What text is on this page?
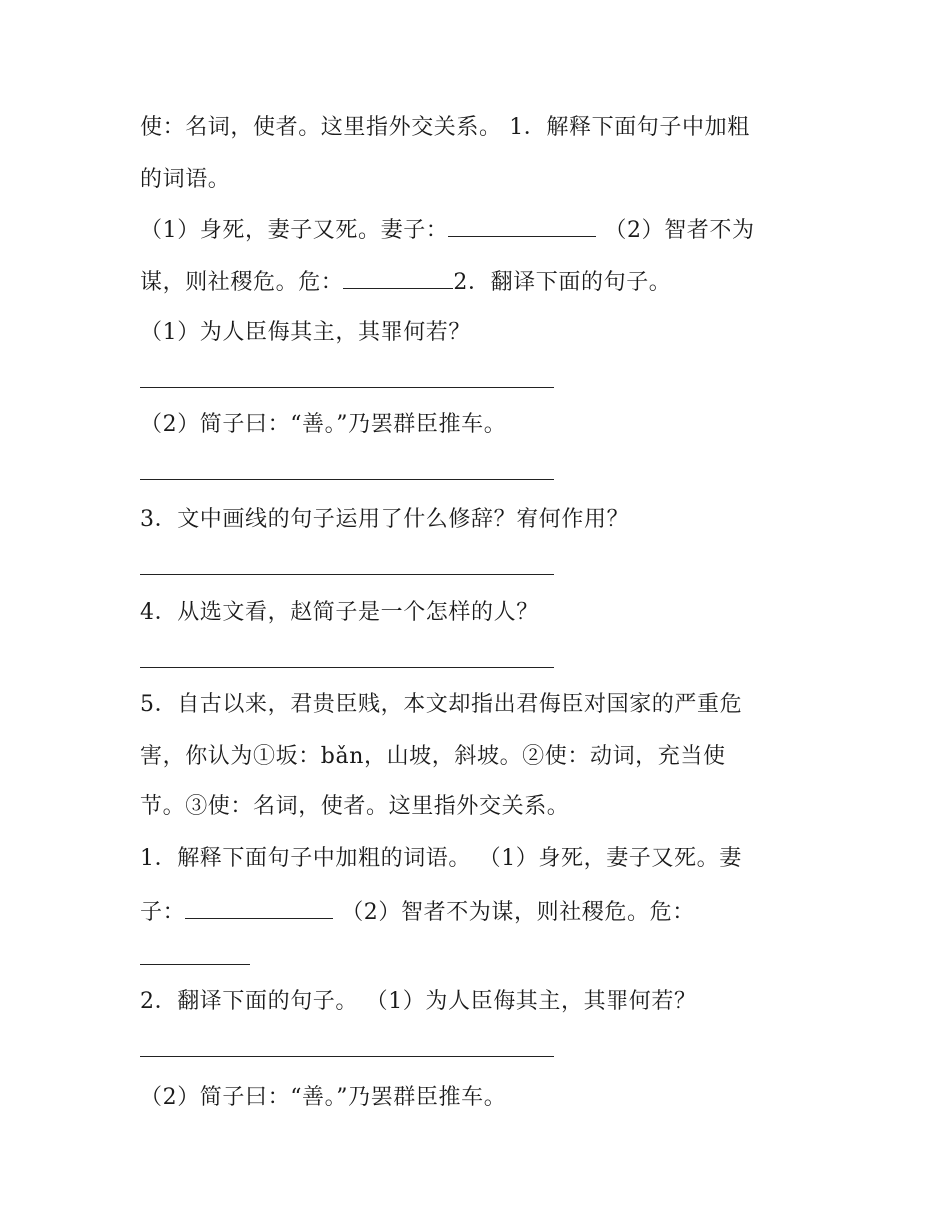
使：名词，使者。这里指外交关系。 1．解释下面句子中加粗
的词语。
（1）身死，妻子又死。妻子：	（2）智者不为
谋，则社稷危。危：	2．翻译下面的句子。
（1）为人臣侮其主，其罪何若？
（2）简子曰：“善。”乃罢群臣推车。
3．文中画线的句子运用了什么修辞？宥何作用？
4．从选文看，赵简子是一个怎样的人？
5．自古以来，君贵臣贱，本文却指出君侮臣对国家的严重危
害，你认为①坂：bǎn，山坡，斜坡。②使：动词，充当使
节。③使：名词，使者。这里指外交关系。
1．解释下面句子中加粗的词语。 （1）身死，妻子又死。妻
子：	（2）智者不为谋，则社稷危。危：
2．翻译下面的句子。 （1）为人臣侮其主，其罪何若？
（2）简子曰：“善。”乃罢群臣推车。
